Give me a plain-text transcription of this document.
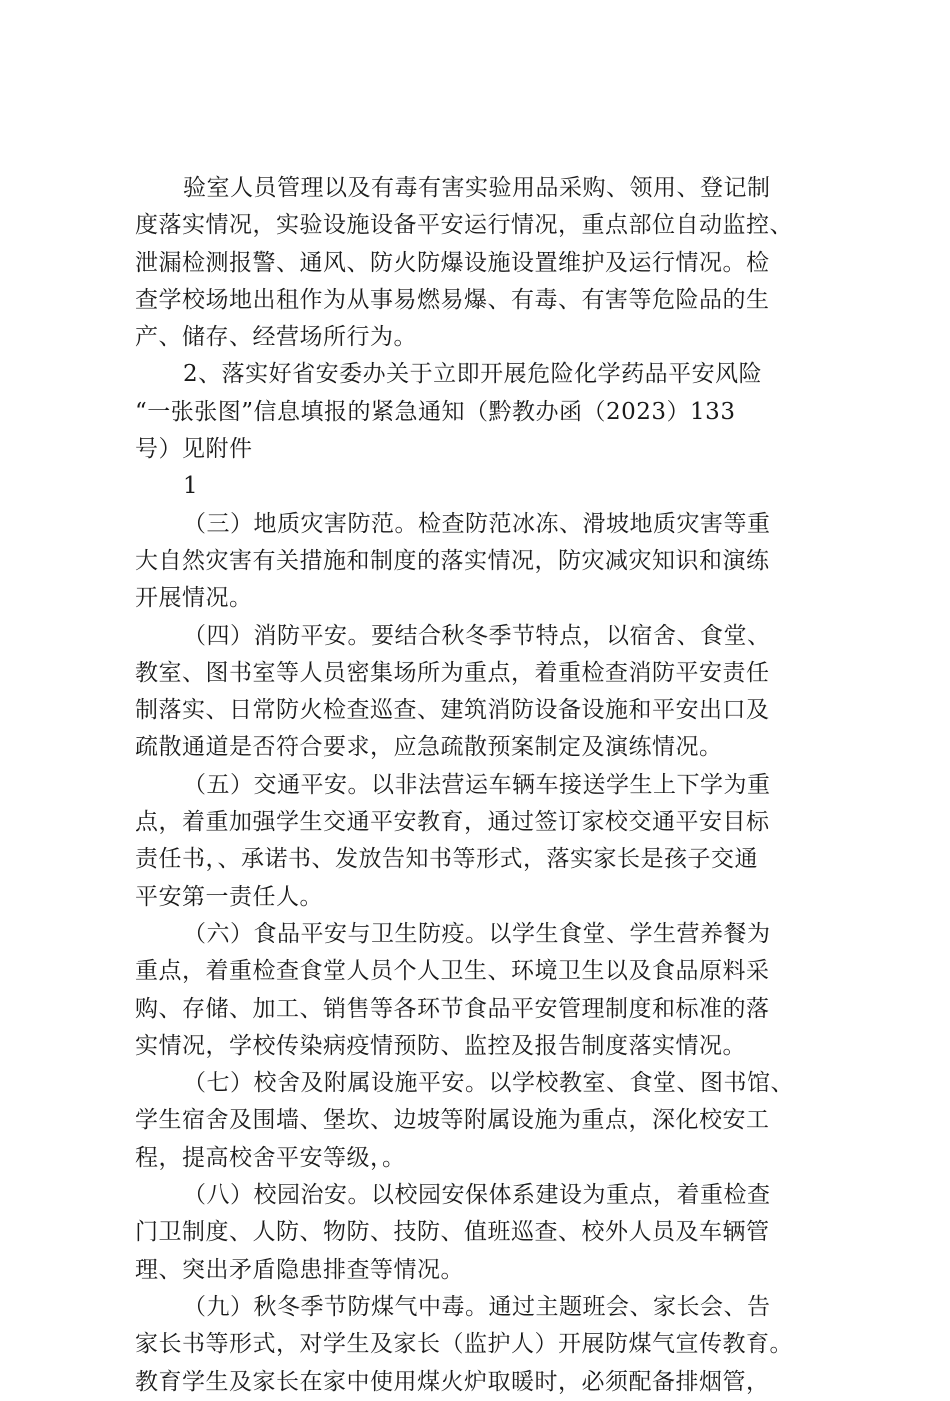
验室人员管理以及有毒有害实验用品采购、领用、登记制
度落实情况，实验设施设备平安运行情况，重点部位自动监控、
泄漏检测报警、通风、防火防爆设施设置维护及运行情况。检
查学校场地出租作为从事易燃易爆、有毒、有害等危险品的生
产、储存、经营场所行为。

2、落实好省安委办关于立即开展危险化学药品平安风险
“一张张图”信息填报的紧急通知（黔教办函（2023）133
号）见附件

1

（三）地质灾害防范。检查防范冰冻、滑坡地质灾害等重
大自然灾害有关措施和制度的落实情况，防灾减灾知识和演练
开展情况。

（四）消防平安。要结合秋冬季节特点，以宿舍、食堂、
教室、图书室等人员密集场所为重点，着重检查消防平安责任
制落实、日常防火检查巡查、建筑消防设备设施和平安出口及
疏散通道是否符合要求，应急疏散预案制定及演练情况。

（五）交通平安。以非法营运车辆车接送学生上下学为重
点，着重加强学生交通平安教育，通过签订家校交通平安目标
责任书，、承诺书、发放告知书等形式，落实家长是孩子交通
平安第一责任人。

（六）食品平安与卫生防疫。以学生食堂、学生营养餐为
重点，着重检查食堂人员个人卫生、环境卫生以及食品原料采
购、存储、加工、销售等各环节食品平安管理制度和标准的落
实情况，学校传染病疫情预防、监控及报告制度落实情况。

（七）校舍及附属设施平安。以学校教室、食堂、图书馆、
学生宿舍及围墙、堡坎、边坡等附属设施为重点，深化校安工
程，提高校舍平安等级，。

（八）校园治安。以校园安保体系建设为重点，着重检查
门卫制度、人防、物防、技防、值班巡查、校外人员及车辆管
理、突出矛盾隐患排查等情况。

（九）秋冬季节防煤气中毒。通过主题班会、家长会、告
家长书等形式，对学生及家长（监护人）开展防煤气宣传教育。
教育学生及家长在家中使用煤火炉取暖时，必须配备排烟管，
